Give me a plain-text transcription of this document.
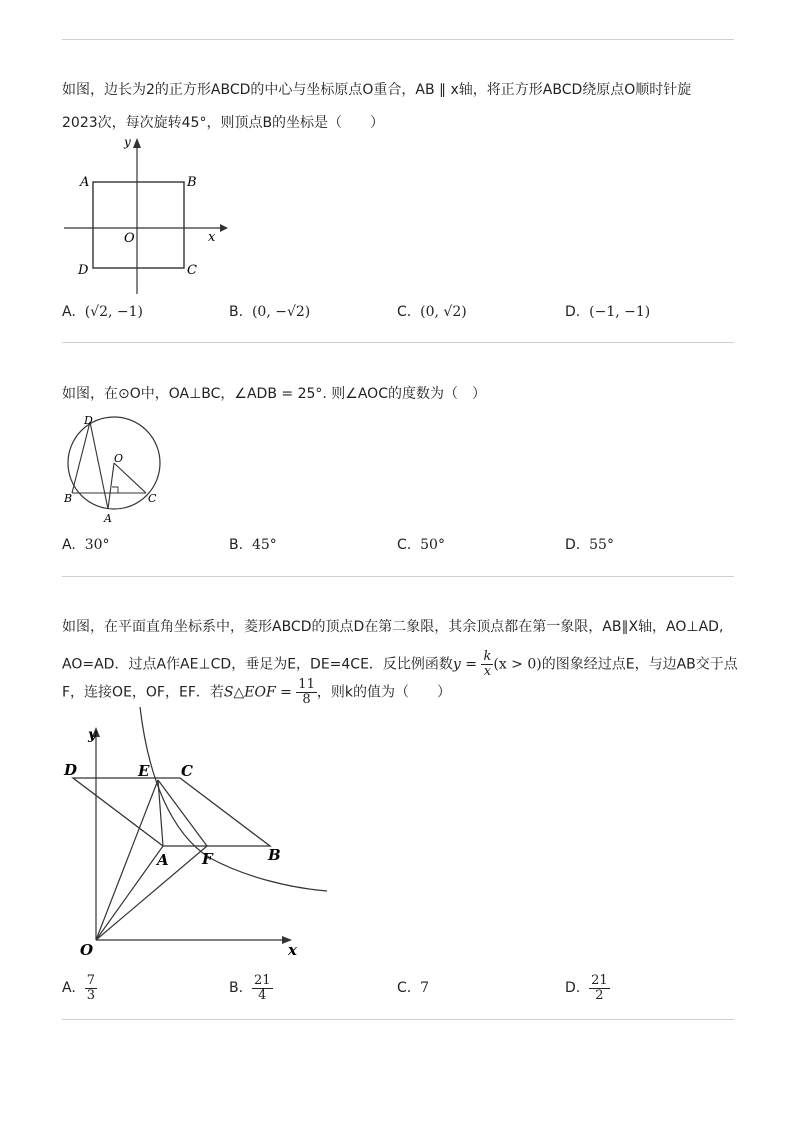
如图，边长为2的正方形ABCD的中心与坐标原点O重合，AB ∥ x轴，将正方形ABCD绕原点O顺时针旋
2023次，每次旋转45°，则顶点B的坐标是（　　）
y
x
O
A	B
C
D
A. (√2, −1)	B. (0, −√2)	C. (0, √2)	D. (−1, −1)
如图，在⊙O中，OA⊥BC，∠ADB = 25°. 则∠AOC的度数为（　）
D
O
B	C
A
A. 30°	B. 45°	C. 50°	D. 55°
如图，在平面直角坐标系中，菱形ABCD的顶点D在第二象限，其余顶点都在第一象限，AB∥X轴，AO⊥AD,
AO=AD．过点A作AE⊥CD，垂足为E，DE=4CE．反比例函数$y = \frac{k}{x} (x > 0)$的图象经过点E，与边AB交于点
F，连接OE，OF，EF．若S△EOF = $\frac{11}{8}$ ，则k的值为（　　）
y
x
O
D	E C
A F	B
A. $\frac{7}{3}$	B. $\frac{21}{4}$	C. 7	D. $\frac{21}{2}$
